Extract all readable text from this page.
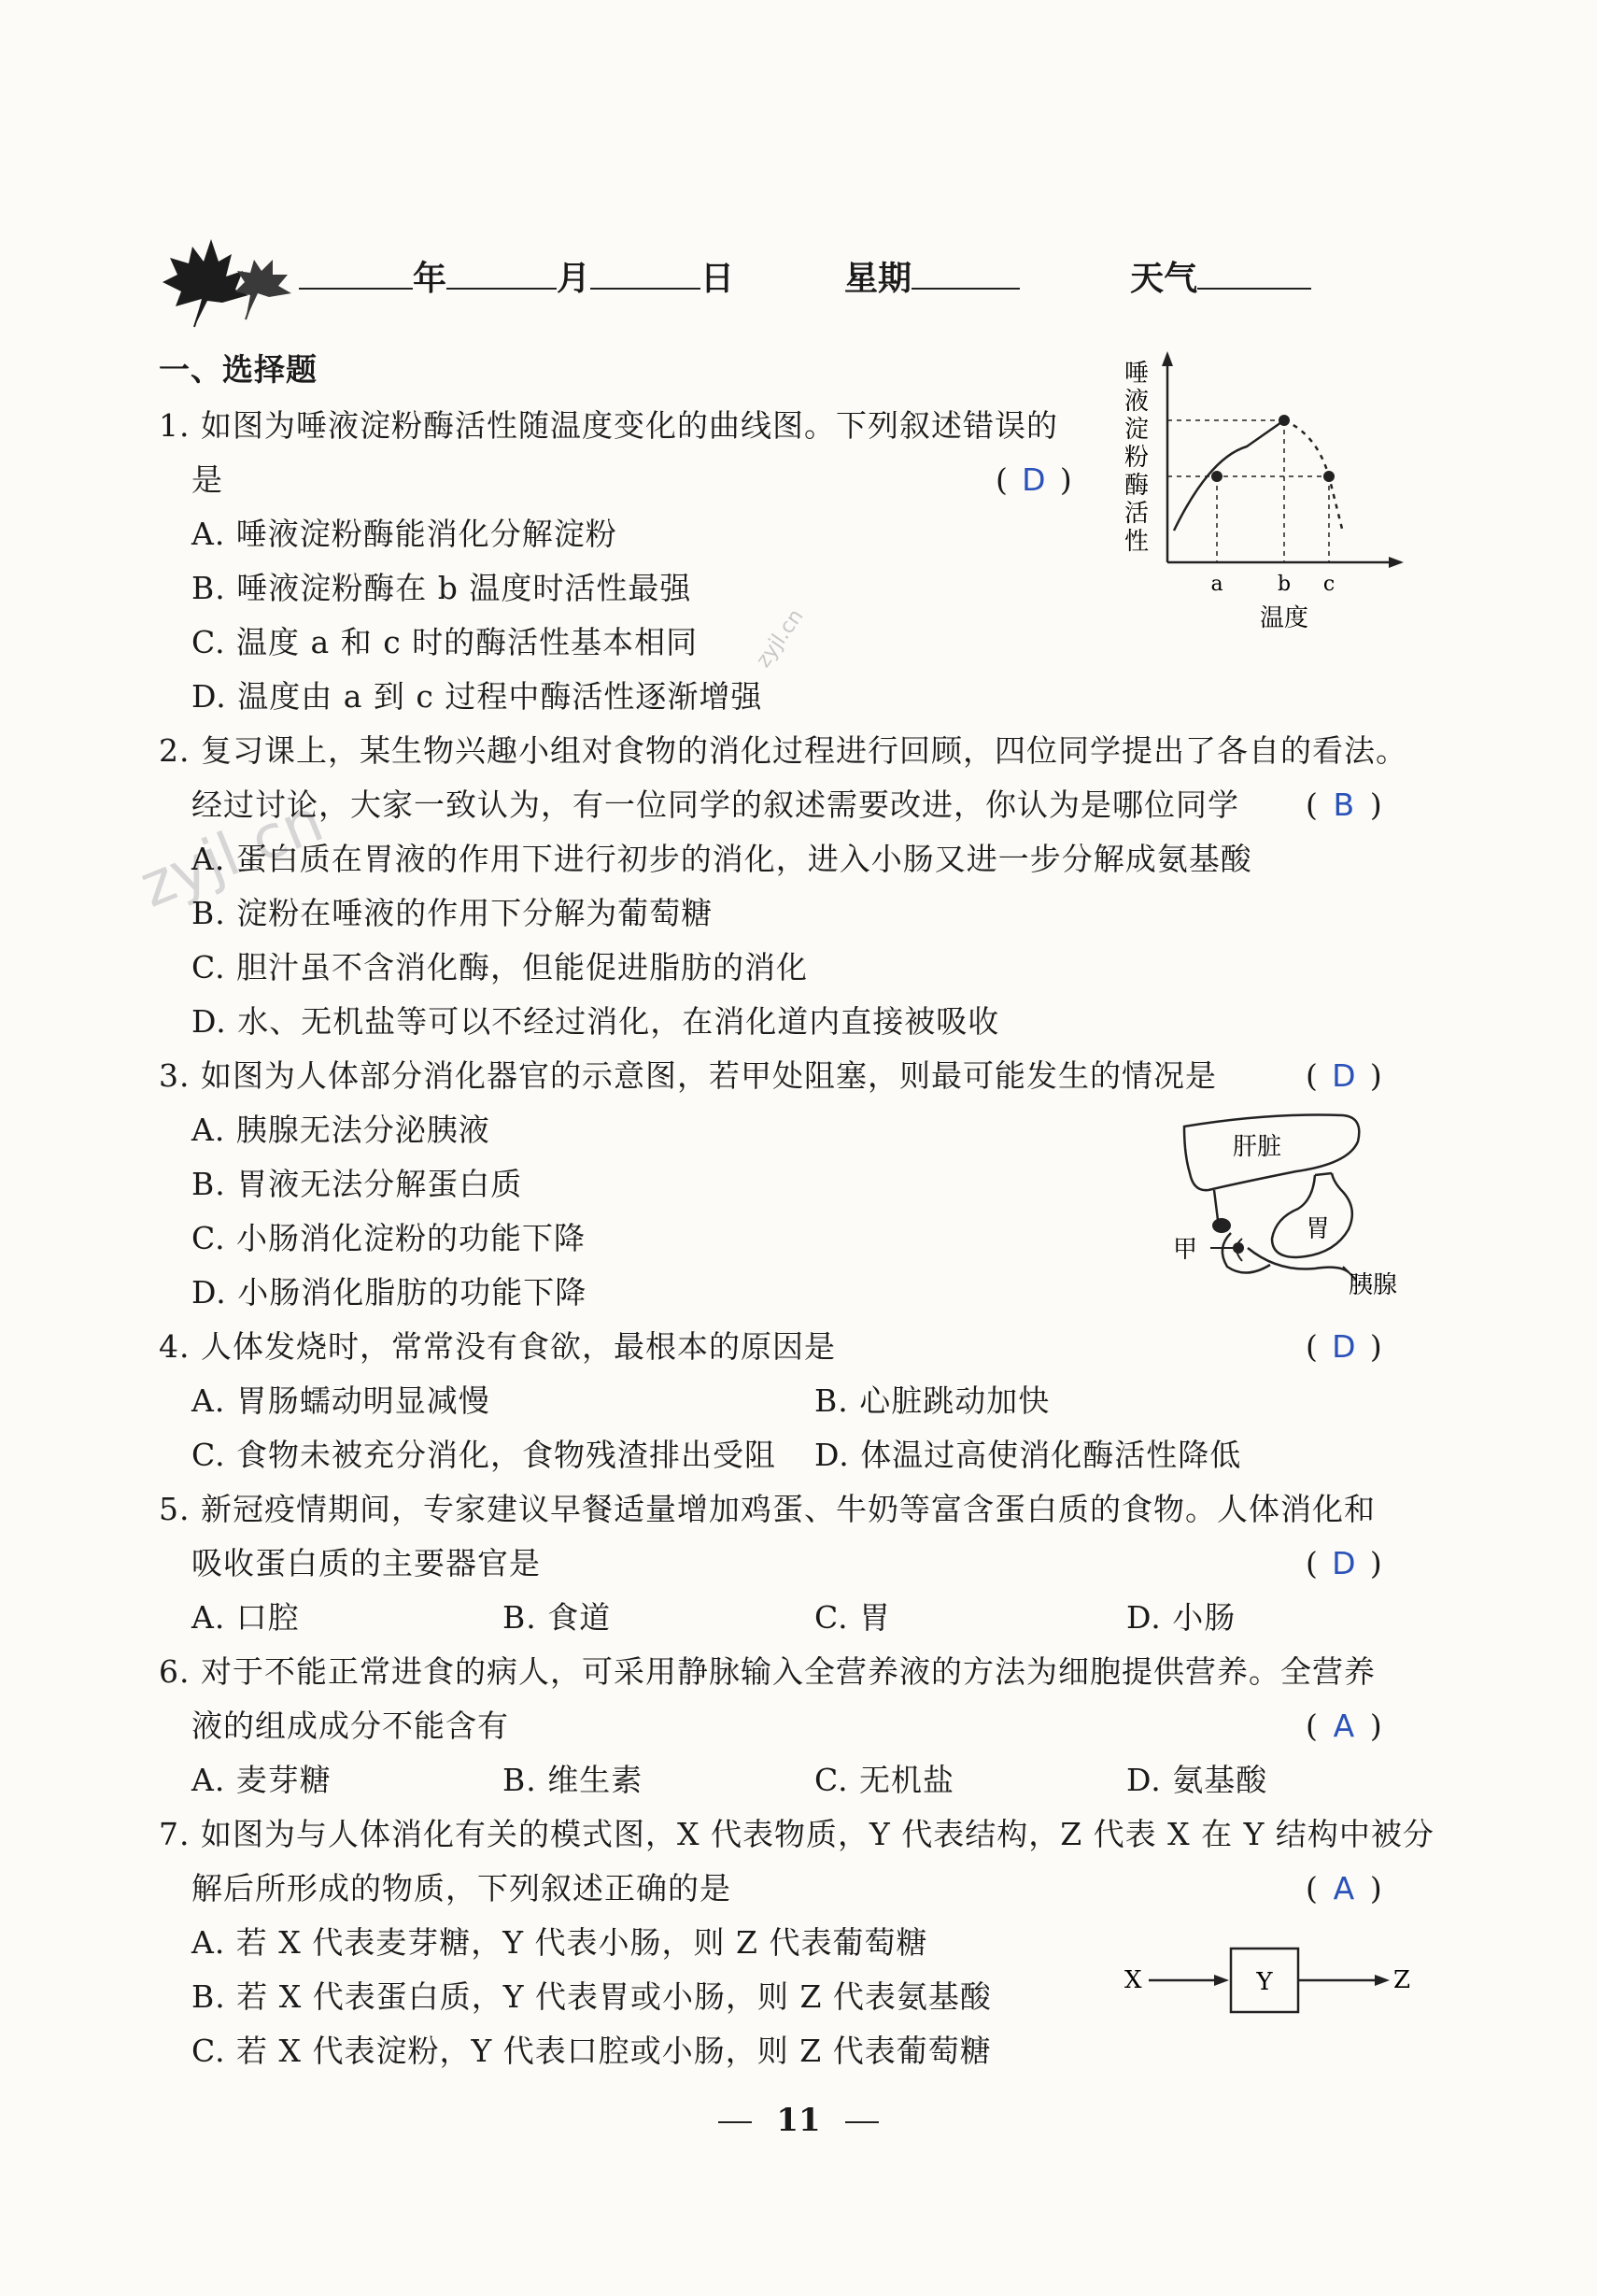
年	月	日	星期	天气
一、选择题
1. 如图为唾液淀粉酶活性随温度变化的曲线图。下列叙述错误的
是	( D )
A. 唾液淀粉酶能消化分解淀粉
B. 唾液淀粉酶在 b 温度时活性最强
C. 温度 a 和 c 时的酶活性基本相同
D. 温度由 a 到 c 过程中酶活性逐渐增强
唾
液
淀
粉
酶
活
性
a	b c
温度
zyjl.cn
zyjl.cn
2. 复习课上，某生物兴趣小组对食物的消化过程进行回顾，四位同学提出了各自的看法。
经过讨论，大家一致认为，有一位同学的叙述需要改进，你认为是哪位同学 ( B )
A. 蛋白质在胃液的作用下进行初步的消化，进入小肠又进一步分解成氨基酸
B. 淀粉在唾液的作用下分解为葡萄糖
C. 胆汁虽不含消化酶，但能促进脂肪的消化
D. 水、无机盐等可以不经过消化，在消化道内直接被吸收
3. 如图为人体部分消化器官的示意图，若甲处阻塞，则最可能发生的情况是	( D )
A. 胰腺无法分泌胰液
B. 胃液无法分解蛋白质
C. 小肠消化淀粉的功能下降
D. 小肠消化脂肪的功能下降
肝脏
胃
甲
胰腺
4. 人体发烧时，常常没有食欲，最根本的原因是	( D )
A. 胃肠蠕动明显减慢	B. 心脏跳动加快
C. 食物未被充分消化，食物残渣排出受阻 D. 体温过高使消化酶活性降低
5. 新冠疫情期间，专家建议早餐适量增加鸡蛋、牛奶等富含蛋白质的食物。人体消化和
吸收蛋白质的主要器官是	( D )
A. 口腔	B. 食道	C. 胃	D. 小肠
6. 对于不能正常进食的病人，可采用静脉输入全营养液的方法为细胞提供营养。全营养
液的组成成分不能含有	( A )
A. 麦芽糖	B. 维生素	C. 无机盐	D. 氨基酸
7. 如图为与人体消化有关的模式图，X 代表物质，Y 代表结构，Z 代表 X 在 Y 结构中被分
解后所形成的物质，下列叙述正确的是	( A )
A. 若 X 代表麦芽糖，Y 代表小肠，则 Z 代表葡萄糖
B. 若 X 代表蛋白质，Y 代表胃或小肠，则 Z 代表氨基酸
C. 若 X 代表淀粉，Y 代表口腔或小肠，则 Z 代表葡萄糖
X	Y	Z
11
